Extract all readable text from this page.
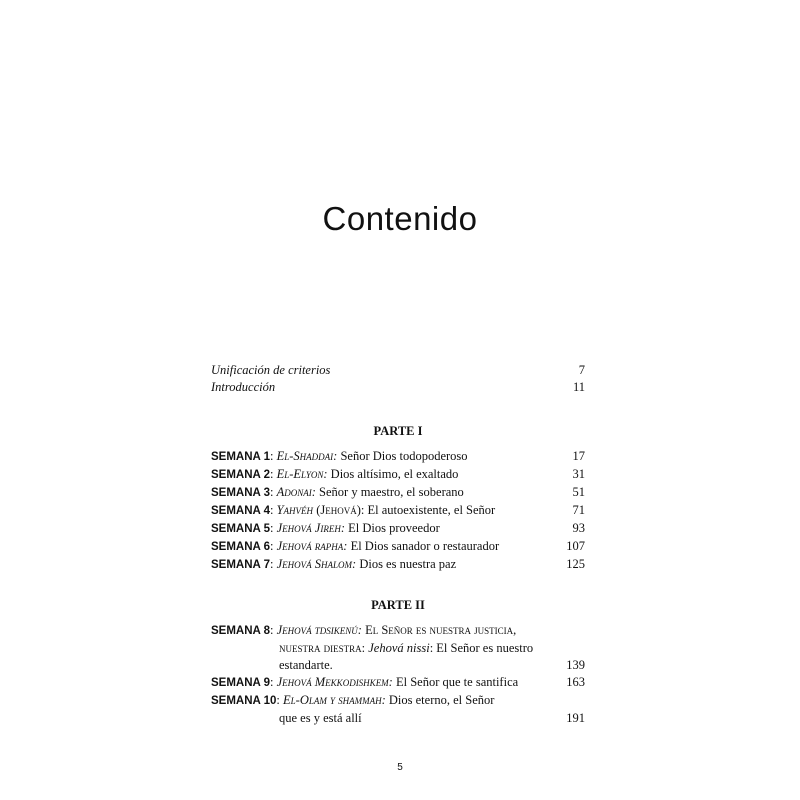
Contenido
Unificación de criterios	7
Introducción	11
PARTE I
SEMANA 1: El-Shaddai: Señor Dios todopoderoso	17
SEMANA 2: El-Elyon: Dios altísimo, el exaltado	31
SEMANA 3: Adonai: Señor y maestro, el soberano	51
SEMANA 4: Yahvéh (Jehová): El autoexistente, el Señor	71
SEMANA 5: Jehová Jireh: El Dios proveedor	93
SEMANA 6: Jehová rapha: El Dios sanador o restaurador	107
SEMANA 7: Jehová Shalom: Dios es nuestra paz	125
PARTE II
SEMANA 8: Jehová tdsikenú: El Señor es nuestra justicia,
nuestra diestra: Jehová nissi: El Señor es nuestro
estandarte.	139
SEMANA 9: Jehová Mekkodishkem: El Señor que te santifica	163
SEMANA 10: El-Olam y shammah: Dios eterno, el Señor
que es y está allí	191
5
